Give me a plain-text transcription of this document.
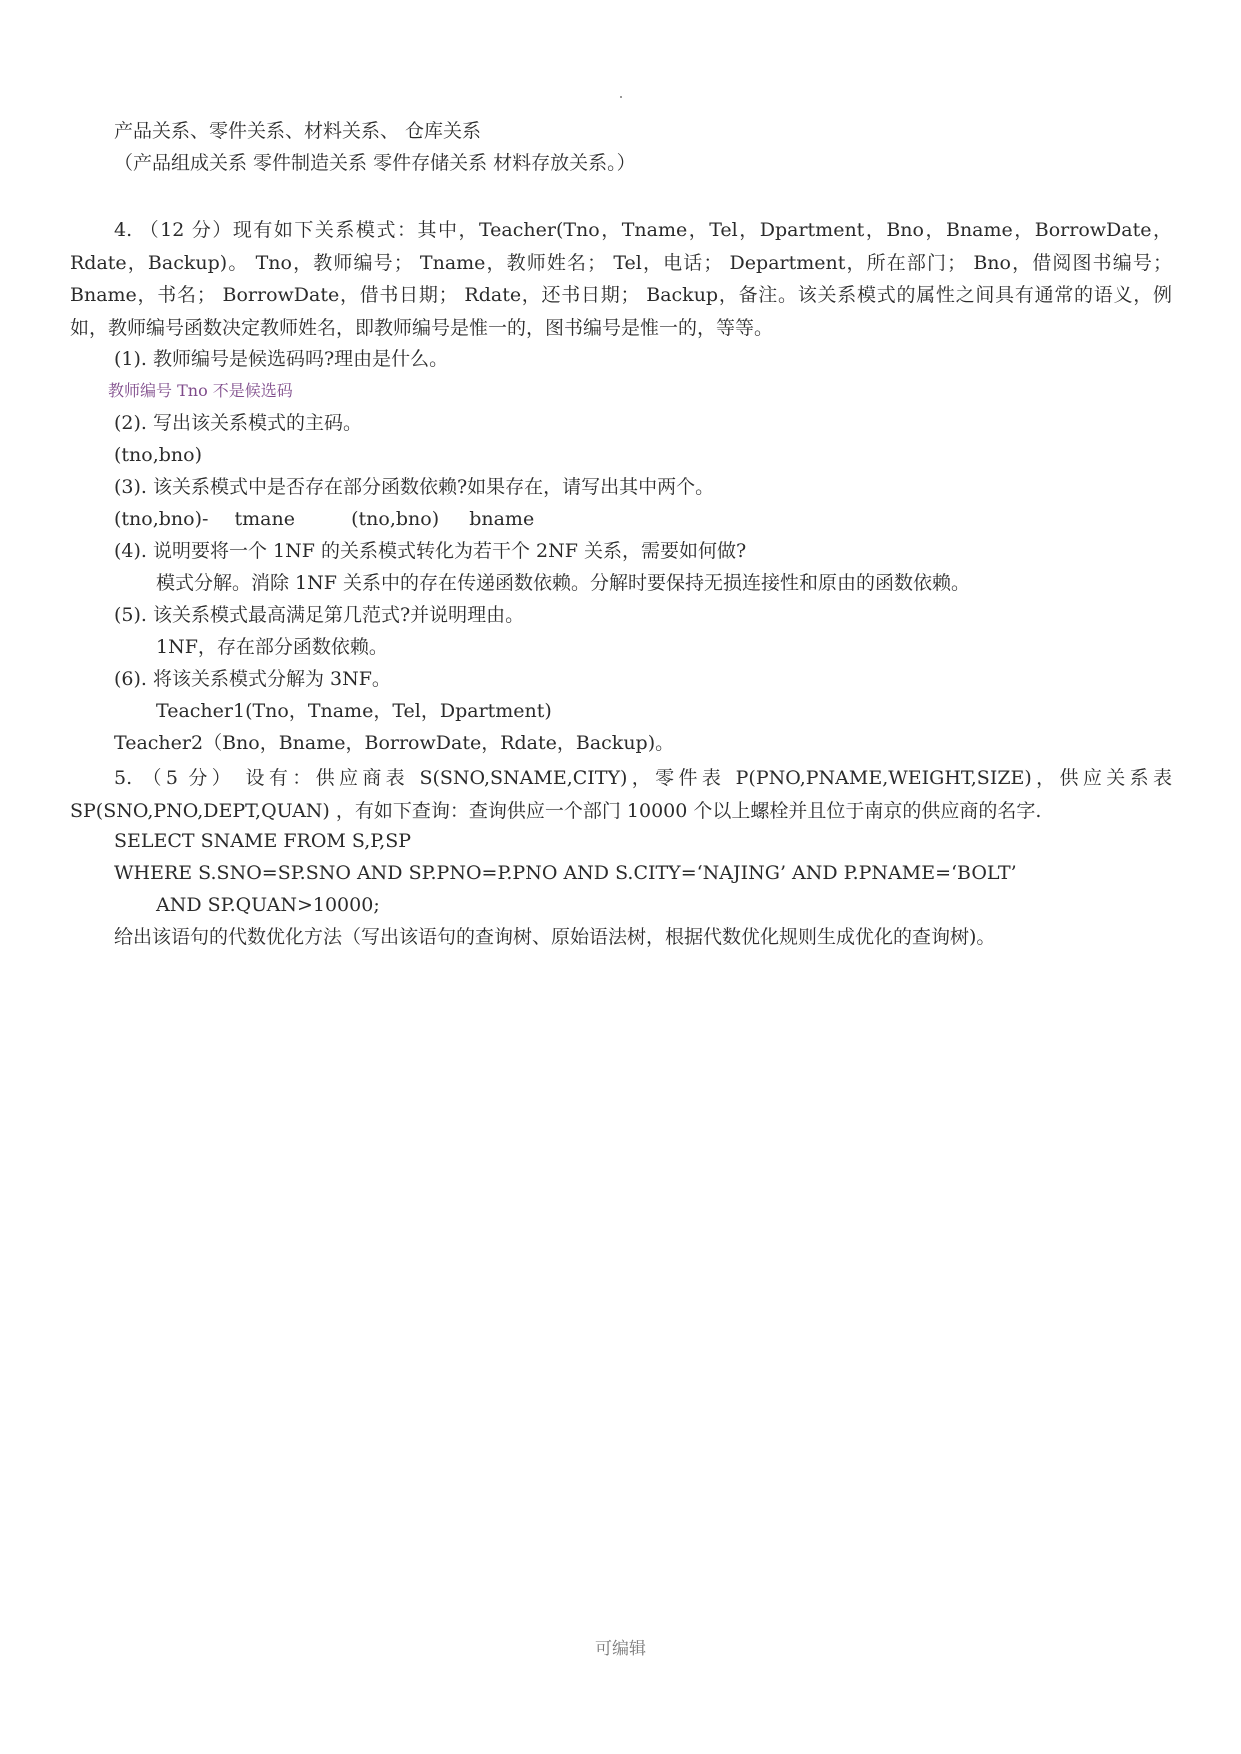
产品关系、零件关系、材料关系、 仓库关系
（产品组成关系 零件制造关系 零件存储关系 材料存放关系。）
4. （12 分）现有如下关系模式：其中，Teacher(Tno，Tname，Tel，Dpartment，Bno，Bname，BorrowDate，Rdate，Backup)。 Tno，教师编号； Tname，教师姓名； Tel，电话； Department，所在部门； Bno，借阅图书编号； Bname，书名； BorrowDate，借书日期； Rdate，还书日期； Backup，备注。该关系模式的属性之间具有通常的语义，例如，教师编号函数决定教师姓名，即教师编号是惟一的，图书编号是惟一的，等等。
(1). 教师编号是候选码吗?理由是什么。
教师编号 Tno 不是候选码
(2). 写出该关系模式的主码。
(tno,bno)
(3). 该关系模式中是否存在部分函数依赖?如果存在，请写出其中两个。
(tno,bno)- tmane	(tno,bno) bname
(4). 说明要将一个 1NF 的关系模式转化为若干个 2NF 关系，需要如何做?
模式分解。消除 1NF 关系中的存在传递函数依赖。分解时要保持无损连接性和原由的函数依赖。
(5). 该关系模式最高满足第几范式?并说明理由。
1NF，存在部分函数依赖。
(6). 将该关系模式分解为 3NF。
Teacher1(Tno，Tname，Tel，Dpartment)
Teacher2（Bno，Bname，BorrowDate，Rdate，Backup)。
5. （5 分） 设有：供应商表 S(SNO,SNAME,CITY)，零件表 P(PNO,PNAME,WEIGHT,SIZE)，供应关系表 SP(SNO,PNO,DEPT,QUAN) ，有如下查询：查询供应一个部门 10000 个以上螺栓并且位于南京的供应商的名字.
SELECT SNAME FROM S,P,SP
WHERE S.SNO=SP.SNO AND SP.PNO=P.PNO AND S.CITY=‘NAJING’ AND P.PNAME=‘BOLT’
AND SP.QUAN>10000;
给出该语句的代数优化方法（写出该语句的查询树、原始语法树，根据代数优化规则生成优化的查询树)。
可编辑
